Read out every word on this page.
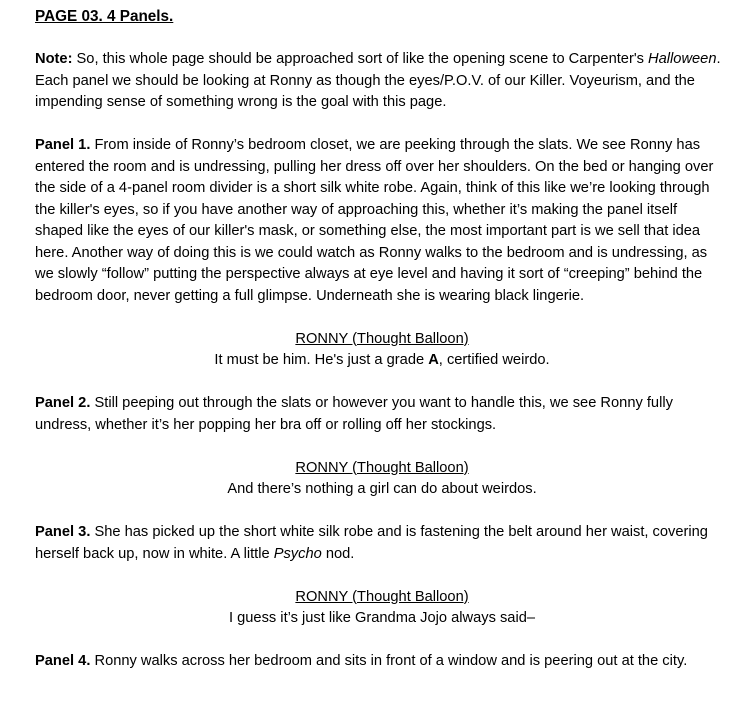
PAGE 03. 4 Panels.

Note: So, this whole page should be approached sort of like the opening scene to Carpenter's Halloween. Each panel we should be looking at Ronny as though the eyes/P.O.V. of our Killer. Voyeurism, and the impending sense of something wrong is the goal with this page.

Panel 1. From inside of Ronny’s bedroom closet, we are peeking through the slats. We see Ronny has entered the room and is undressing, pulling her dress off over her shoulders. On the bed or hanging over the side of a 4-panel room divider is a short silk white robe. Again, think of this like we’re looking through the killer's eyes, so if you have another way of approaching this, whether it’s making the panel itself shaped like the eyes of our killer's mask, or something else, the most important part is we sell that idea here. Another way of doing this is we could watch as Ronny walks to the bedroom and is undressing, as we slowly “follow” putting the perspective always at eye level and having it sort of “creeping” behind the bedroom door, never getting a full glimpse. Underneath she is wearing black lingerie.

RONNY (Thought Balloon)
It must be him. He's just a grade A, certified weirdo.

Panel 2. Still peeping out through the slats or however you want to handle this, we see Ronny fully undress, whether it’s her popping her bra off or rolling off her stockings.

RONNY (Thought Balloon)
And there’s nothing a girl can do about weirdos.

Panel 3. She has picked up the short white silk robe and is fastening the belt around her waist, covering herself back up, now in white. A little Psycho nod.

RONNY (Thought Balloon)
I guess it’s just like Grandma Jojo always said–

Panel 4. Ronny walks across her bedroom and sits in front of a window and is peering out at the city.
